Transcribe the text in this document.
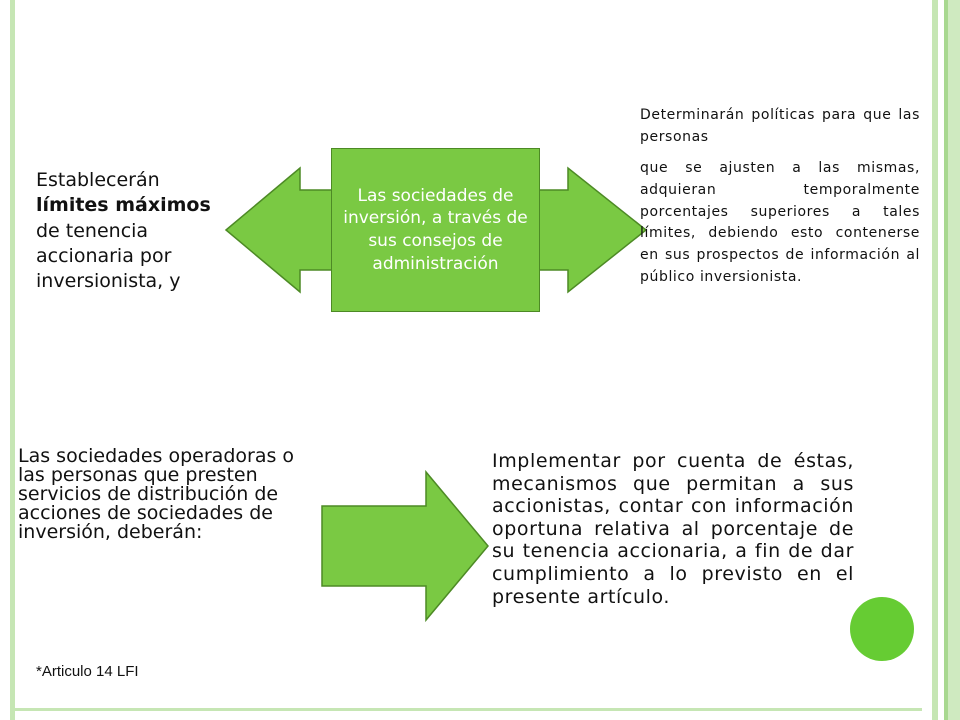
Las sociedades de inversión, a través de sus consejos de administración
Establecerán límites máximos de tenencia accionaria por inversionista, y

Determinarán políticas para que las personas

que se ajusten a las mismas, adquieran temporalmente porcentajes superiores a tales límites, debiendo esto contenerse en sus prospectos de información al público inversionista.

Las sociedades operadoras o las personas que presten servicios de distribución de acciones de sociedades de inversión, deberán:
Implementar por cuenta de éstas, mecanismos que permitan a sus accionistas, contar con información oportuna relativa al porcentaje de su tenencia accionaria, a fin de dar cumplimiento a lo previsto en el presente artículo.
*Articulo 14 LFI
